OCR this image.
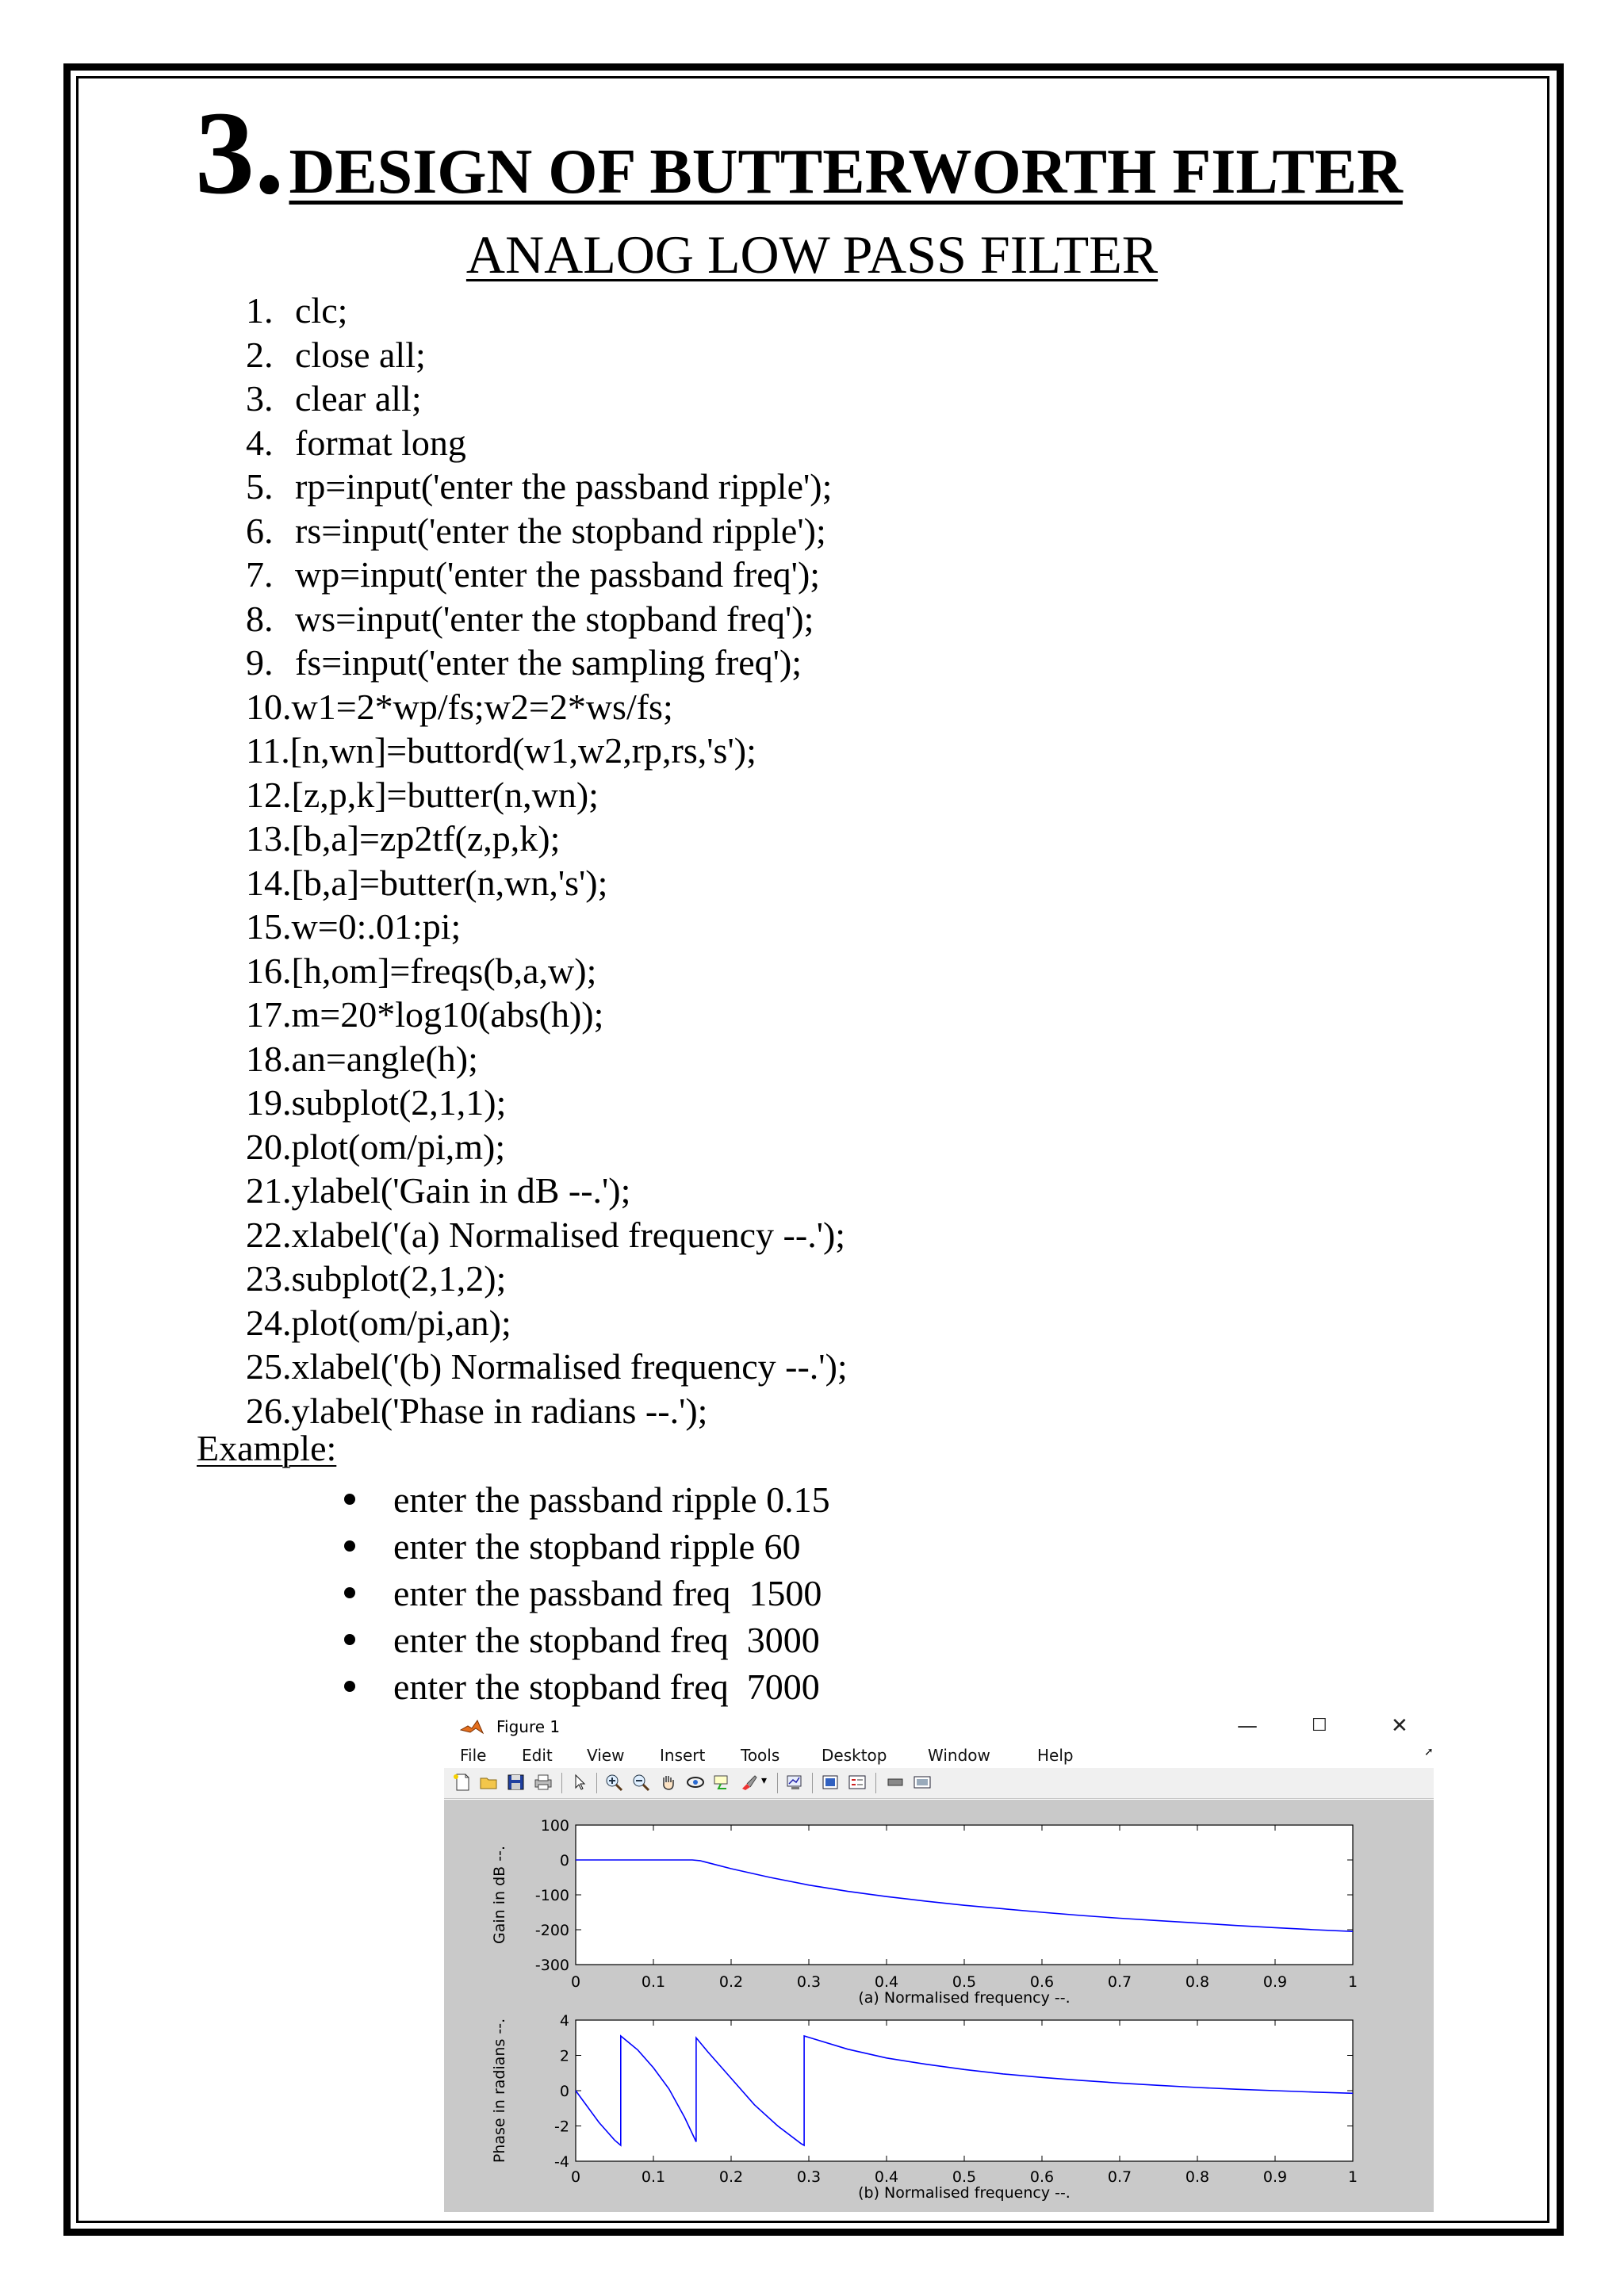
3.DESIGN OF BUTTERWORTH FILTER
ANALOG LOW PASS FILTER
1. clc;
2. close all;
3. clear all;
4. format long
5. rp=input('enter the passband ripple');
6. rs=input('enter the stopband ripple');
7. wp=input('enter the passband freq');
8. ws=input('enter the stopband freq');
9. fs=input('enter the sampling freq');
10.w1=2*wp/fs;w2=2*ws/fs;
11.[n,wn]=buttord(w1,w2,rp,rs,'s');
12.[z,p,k]=butter(n,wn);
13.[b,a]=zp2tf(z,p,k);
14.[b,a]=butter(n,wn,'s');
15.w=0:.01:pi;
16.[h,om]=freqs(b,a,w);
17.m=20*log10(abs(h));
18.an=angle(h);
19.subplot(2,1,1);
20.plot(om/pi,m);
21.ylabel('Gain in dB --.');
22.xlabel('(a) Normalised frequency --.');
23.subplot(2,1,2);
24.plot(om/pi,an);
25.xlabel('(b) Normalised frequency --.');
26.ylabel('Phase in radians --.');
Example:
enter the passband ripple 0.15
enter the stopband ripple 60
enter the passband freq  1500
enter the stopband freq  3000
enter the stopband freq  7000
Figure 1	—	☐	✕
File Edit View Insert Tools	Desktop	Window	Help	➚
▾
0	0.1	0.2	0.3	0.4	0.5	0.6	0.7	0.8	0.9	1
100
0
-100
-200
-300
(a) Normalised frequency --.
Gain in dB --.
0	0.1	0.2	0.3	0.4	0.5	0.6	0.7	0.8	0.9	1
4
2
0
-2
-4
(b) Normalised frequency --.
Phase in radians --.
